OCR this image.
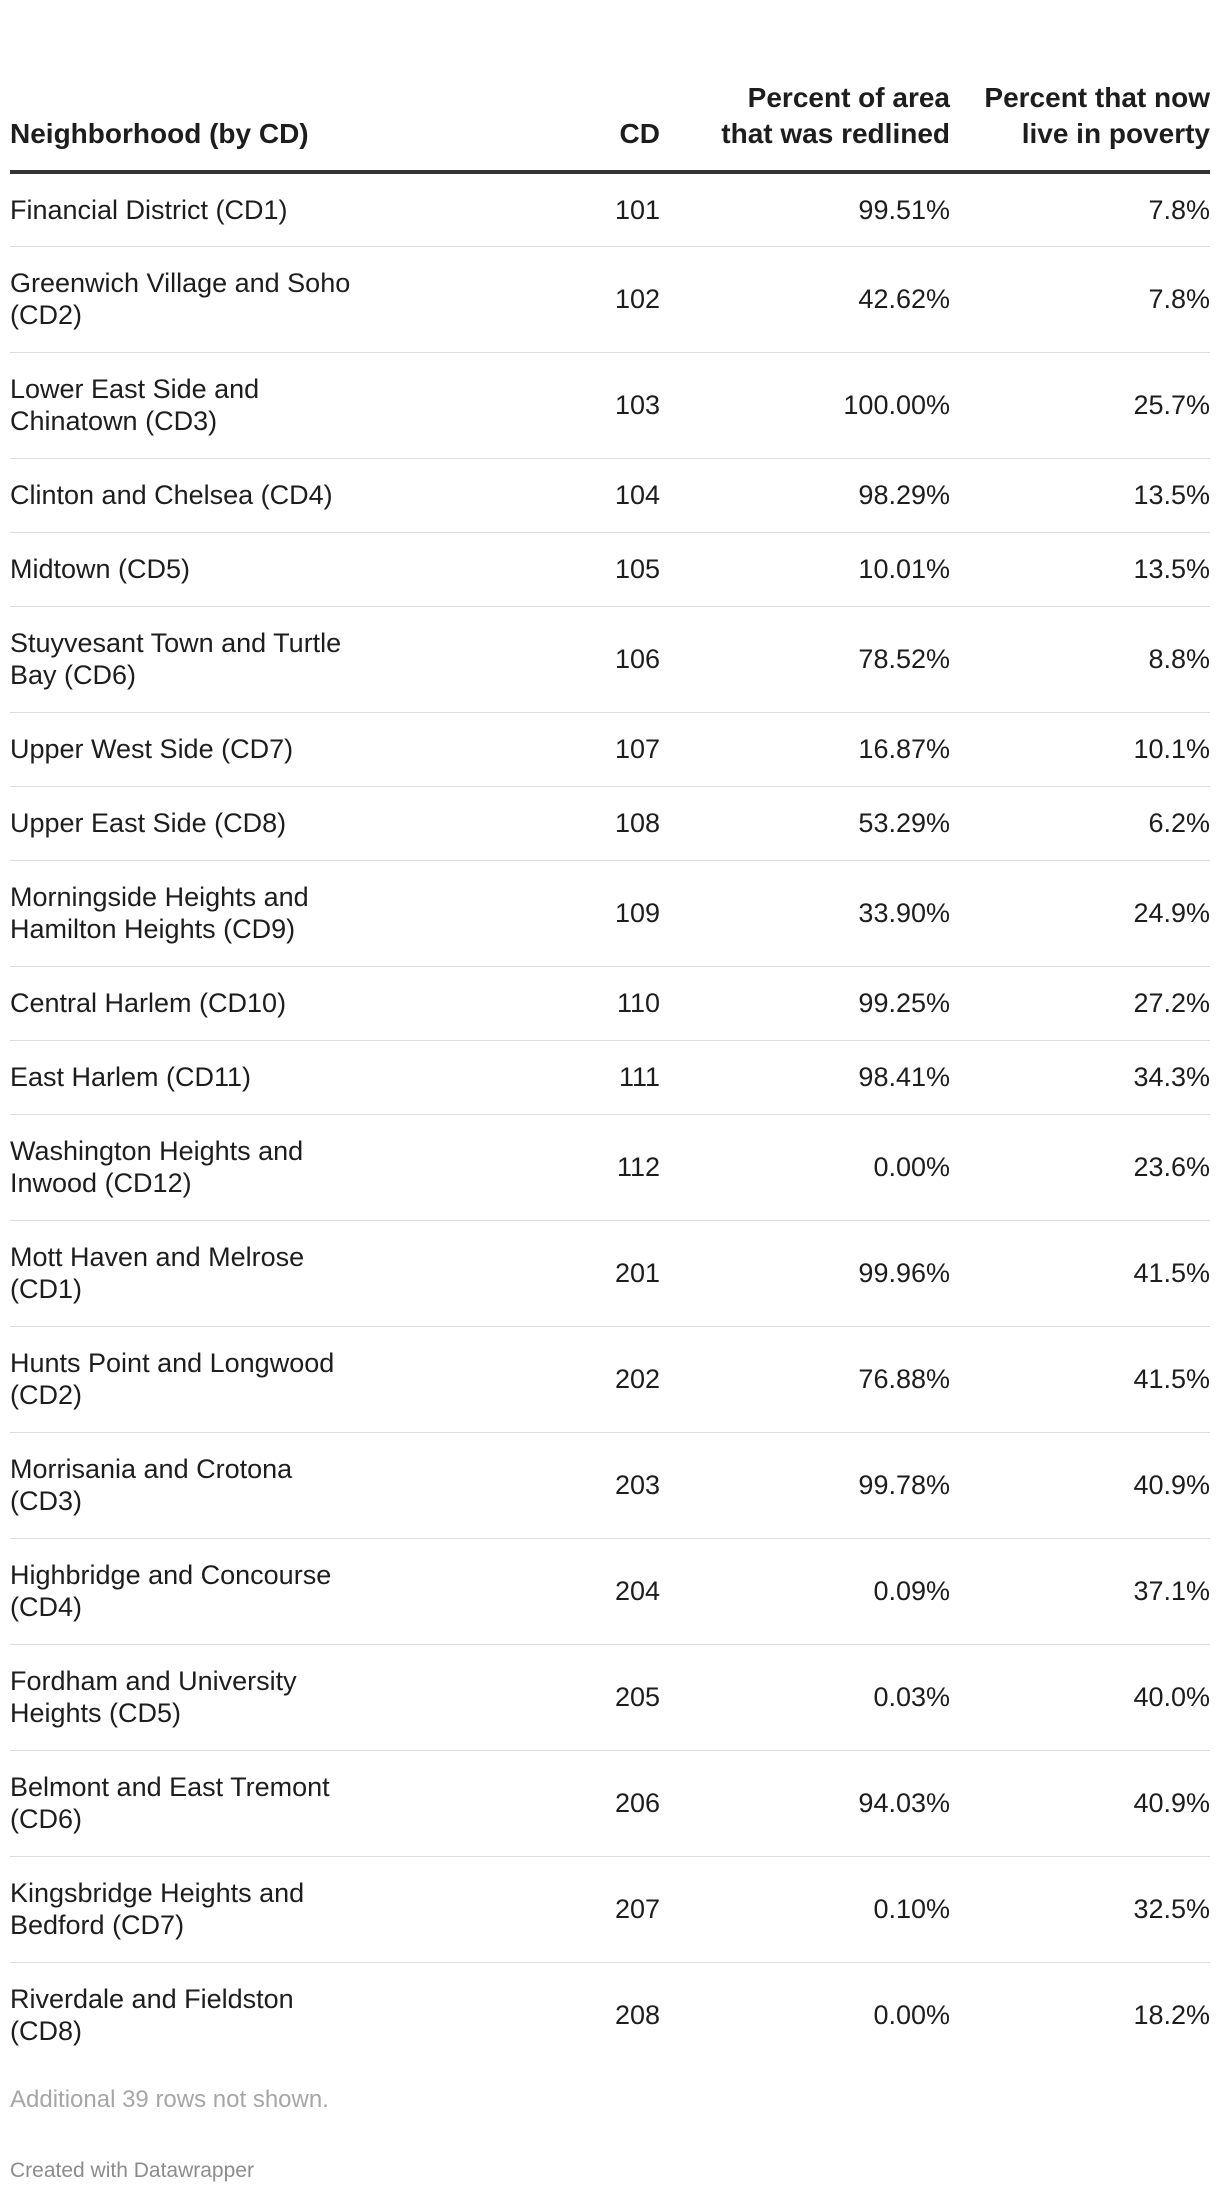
Neighborhood (by CD)	CD	Percent of area that was redlined	Percent that now live in poverty
Financial District (CD1)	101	99.51%	7.8%
Greenwich Village and Soho (CD2)	102	42.62%	7.8%
Lower East Side and Chinatown (CD3)	103	100.00%	25.7%
Clinton and Chelsea (CD4)	104	98.29%	13.5%
Midtown (CD5)	105	10.01%	13.5%
Stuyvesant Town and Turtle Bay (CD6)	106	78.52%	8.8%
Upper West Side (CD7)	107	16.87%	10.1%
Upper East Side (CD8)	108	53.29%	6.2%
Morningside Heights and Hamilton Heights (CD9)	109	33.90%	24.9%
Central Harlem (CD10)	110	99.25%	27.2%
East Harlem (CD11)	111	98.41%	34.3%
Washington Heights and Inwood (CD12)	112	0.00%	23.6%
Mott Haven and Melrose (CD1)	201	99.96%	41.5%
Hunts Point and Longwood (CD2)	202	76.88%	41.5%
Morrisania and Crotona (CD3)	203	99.78%	40.9%
Highbridge and Concourse (CD4)	204	0.09%	37.1%
Fordham and University Heights (CD5)	205	0.03%	40.0%
Belmont and East Tremont (CD6)	206	94.03%	40.9%
Kingsbridge Heights and Bedford (CD7)	207	0.10%	32.5%
Riverdale and Fieldston (CD8)	208	0.00%	18.2%
Additional 39 rows not shown.
Created with Datawrapper
